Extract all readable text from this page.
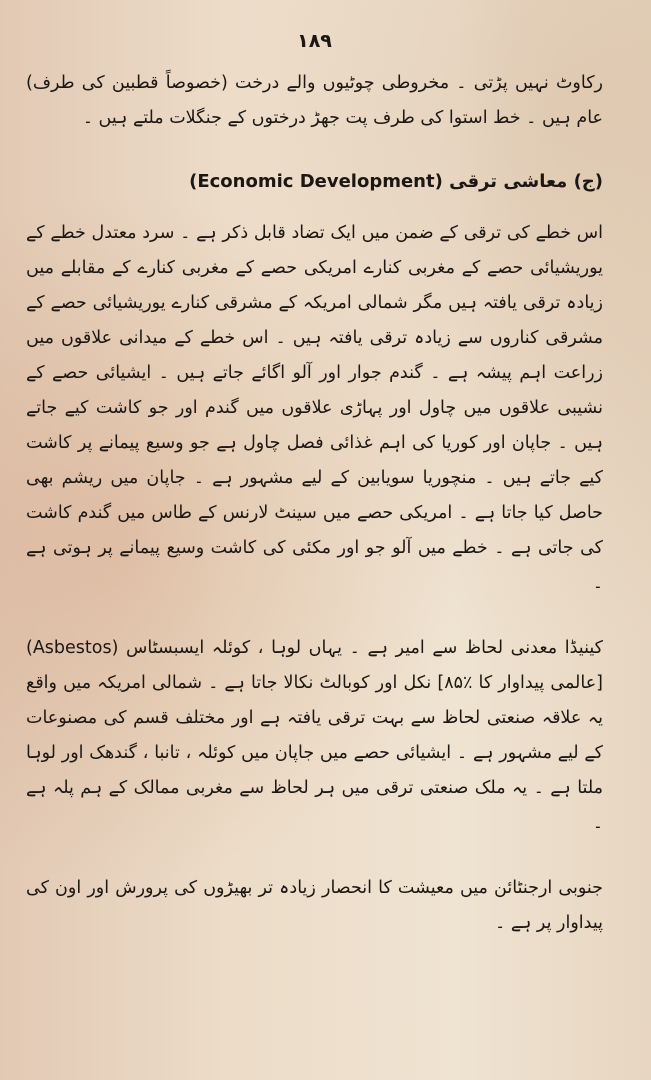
١٨٩

رکاوٹ نہیں پڑتی ۔ مخروطی چوٹیوں والے درخت (خصوصاً قطبین کی طرف) عام ہیں ۔ خط استوا کی طرف پت جھڑ درختوں کے جنگلات ملتے ہیں ۔

(ج) معاشی ترقی (Economic Development)

اس خطے کی ترقی کے ضمن میں ایک تضاد قابل ذکر ہے ۔ سرد معتدل خطے کے یوریشیائی حصے کے مغربی کنارے امریکی حصے کے مغربی کنارے کے مقابلے میں زیادہ ترقی یافتہ ہیں مگر شمالی امریکہ کے مشرقی کنارے یوریشیائی حصے کے مشرقی کناروں سے زیادہ ترقی یافتہ ہیں ۔ اس خطے کے میدانی علاقوں میں زراعت اہم پیشہ ہے ۔ گندم جوار اور آلو اگائے جاتے ہیں ۔ ایشیائی حصے کے نشیبی علاقوں میں چاول اور پہاڑی علاقوں میں گندم اور جو کاشت کیے جاتے ہیں ۔ جاپان اور کوریا کی اہم غذائی فصل چاول ہے جو وسیع پیمانے پر کاشت کیے جاتے ہیں ۔ منچوریا سویابین کے لیے مشہور ہے ۔ جاپان میں ریشم بھی حاصل کیا جاتا ہے ۔ امریکی حصے میں سینٹ لارنس کے طاس میں گندم کاشت کی جاتی ہے ۔ خطے میں آلو جو اور مکئی کی کاشت وسیع پیمانے پر ہوتی ہے ۔

کینیڈا معدنی لحاظ سے امیر ہے ۔ یہاں لوہا ، کوئلہ ایسبسٹاس (Asbestos) [عالمی پیداوار کا ٪۸۵] نکل اور کوبالٹ نکالا جاتا ہے ۔ شمالی امریکہ میں واقع یہ علاقہ صنعتی لحاظ سے بہت ترقی یافتہ ہے اور مختلف قسم کی مصنوعات کے لیے مشہور ہے ۔ ایشیائی حصے میں جاپان میں کوئلہ ، تانبا ، گندھک اور لوہا ملتا ہے ۔ یہ ملک صنعتی ترقی میں ہر لحاظ سے مغربی ممالک کے ہم پلہ ہے ۔

جنوبی ارجنٹائن میں معیشت کا انحصار زیادہ تر بھیڑوں کی پرورش اور اون کی پیداوار پر ہے ۔
